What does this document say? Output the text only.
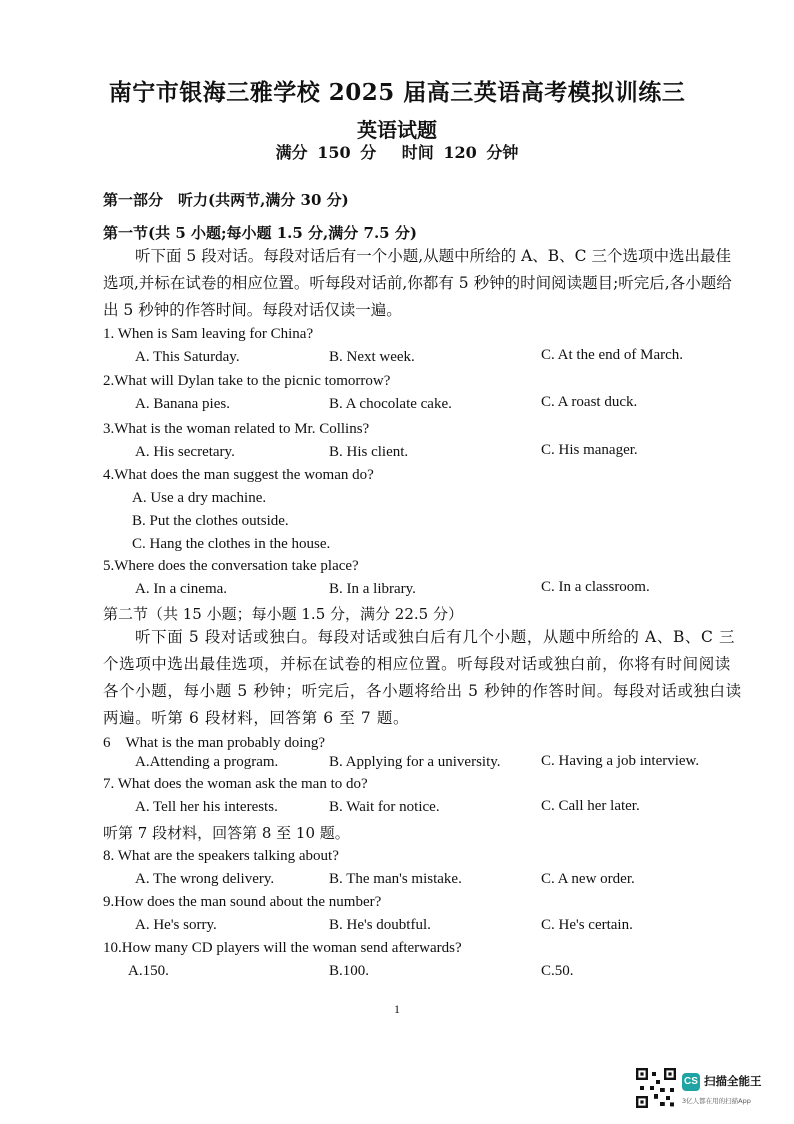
南宁市银海三雅学校 2025 届高三英语高考模拟训练三
英语试题
满分 150 分　 时间 120 分钟
第一部分　听力(共两节,满分 30 分)
第一节(共 5 小题;每小题 1.5 分,满分 7.5 分)
听下面 5 段对话。每段对话后有一个小题,从题中所给的 A、B、C 三个选项中选出最佳选项,并标在试卷的相应位置。听每段对话前,你都有 5 秒钟的时间阅读题目;听完后,各小题给出 5 秒钟的作答时间。每段对话仅读一遍。
1. When is Sam leaving for China?
A. This Saturday.	B. Next week.	C. At the end of March.
2.What will Dylan take to the picnic tomorrow?
A. Banana pies.	B. A chocolate cake.	C. A roast duck.
3.What is the woman related to Mr. Collins?
A. His secretary.	B. His client.	C. His manager.
4.What does the man suggest the woman do?
A. Use a dry machine.
B. Put the clothes outside.
C. Hang the clothes in the house.
5.Where does the conversation take place?
A. In a cinema.	B. In a library.	C. In a classroom.
第二节（共 15 小题；每小题 1.5 分，满分 22.5 分）
听下面 5 段对话或独白。每段对话或独白后有几个小题，从题中所给的 A、B、C 三个选项中选出最佳选项，并标在试卷的相应位置。听每段对话或独白前，你将有时间阅读各个小题，每小题 5 秒钟；听完后，各小题将给出 5 秒钟的作答时间。每段对话或独白读两遍。听第 6 段材料，回答第 6 至 7 题。
6　What is the man probably doing?
A.Attending a program.	B. Applying for a university.	C. Having a job interview.
7. What does the woman ask the man to do?
A. Tell her his interests.	B. Wait for notice.	C. Call her later.
听第 7 段材料，回答第 8 至 10 题。
8. What are the speakers talking about?
A. The wrong delivery.	B. The man's mistake.	C. A new order.
9.How does the man sound about the number?
A. He's sorry.	B. He's doubtful.	C. He's certain.
10.How many CD players will the woman send afterwards?
A.150.	B.100.	C.50.
1
CS 扫描全能王
3亿人都在用的扫描App
